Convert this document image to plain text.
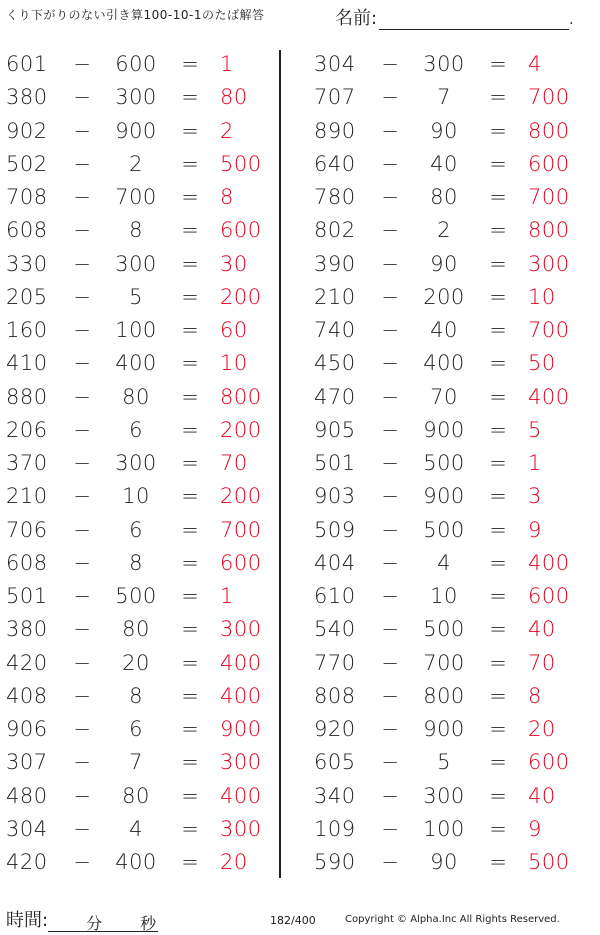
くり下がりのない引き算100-10-1のたば解答	名前:	.
601 −	600	= 1
380 −	300	= 80
902 −	900	= 2
502 −	2	= 500
708 −	700	= 8
608 −	8	= 600
330 −	300	= 30
205 −	5	= 200
160 −	100	= 60
410 −	400	= 10
880 −	80	= 800
206 −	6	= 200
370 −	300	= 70
210 −	10	= 200
706 −	6	= 700
608 −	8	= 600
501 −	500	= 1
380 −	80	= 300
420 −	20	= 400
408 −	8	= 400
906 −	6	= 900
307 −	7	= 300
480 −	80	= 400
304 −	4	= 300
420 −	400	= 20
304 −	300	= 4
707 −	7	= 700
890 −	90	= 800
640 −	40	= 600
780 −	80	= 700
802 −	2	= 800
390 −	90	= 300
210 −	200	= 10
740 −	40	= 700
450 −	400	= 50
470 −	70	= 400
905 −	900	= 5
501 −	500	= 1
903 −	900	= 3
509 −	500	= 9
404 −	4	= 400
610 −	10	= 600
540 −	500	= 40
770 −	700	= 70
808 −	800	= 8
920 −	900	= 20
605 −	5	= 600
340 −	300	= 40
109 −	100	= 9
590 −	90	= 500
時間: 分 秒	182/400	Copyright © Alpha.Inc All Rights Reserved.
